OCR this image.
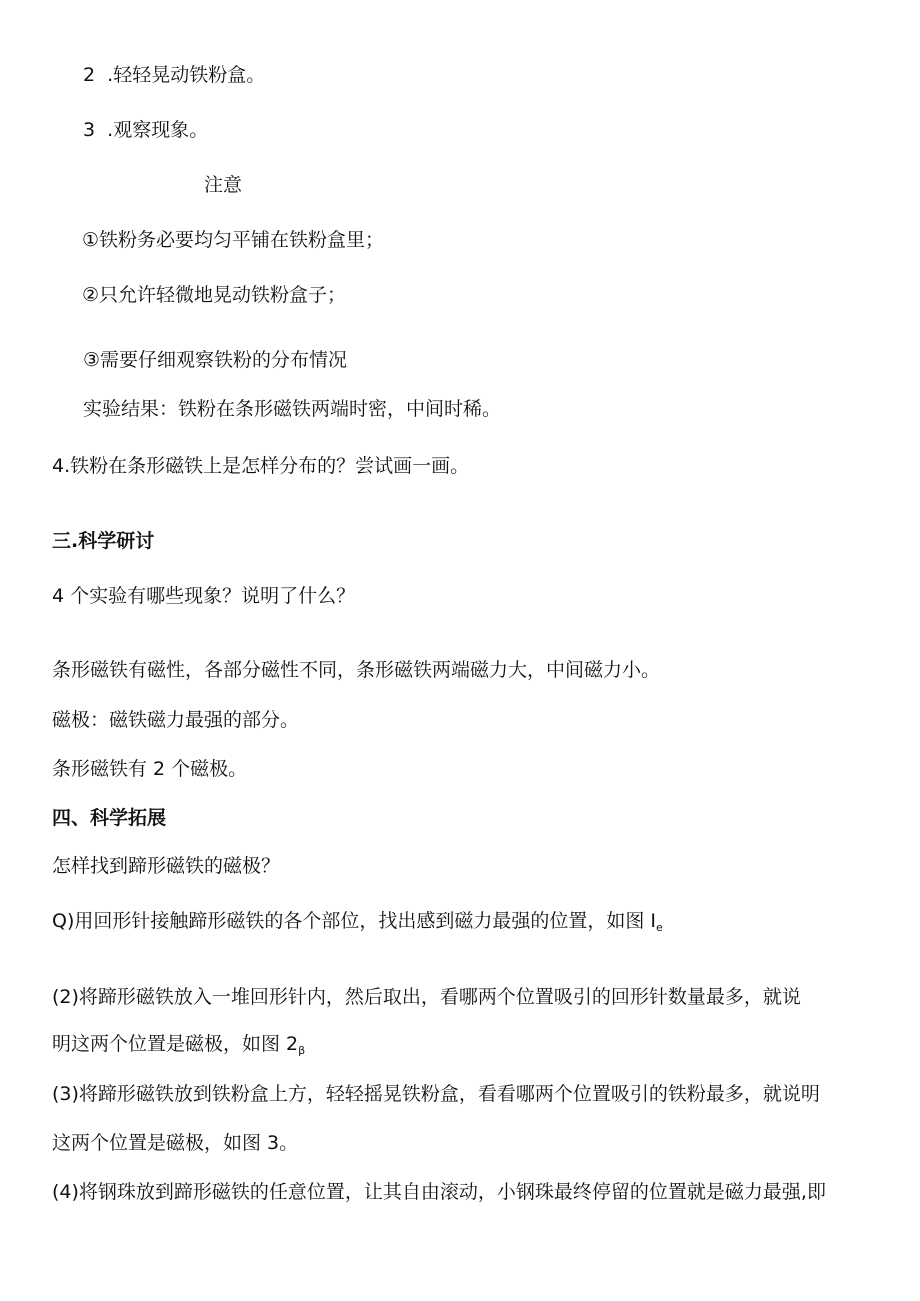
2  .轻轻晃动铁粉盒。
3  .观察现象。
注意
①铁粉务必要均匀平铺在铁粉盒里；
②只允许轻微地晃动铁粉盒子；
③需要仔细观察铁粉的分布情况
实验结果：铁粉在条形磁铁两端时密，中间时稀。
4.铁粉在条形磁铁上是怎样分布的？尝试画一画。
三.科学研讨
4 个实验有哪些现象？说明了什么？
条形磁铁有磁性，各部分磁性不同，条形磁铁两端磁力大，中间磁力小。
磁极：磁铁磁力最强的部分。
条形磁铁有 2 个磁极。
四、科学拓展
怎样找到蹄形磁铁的磁极？
Q)用回形针接触蹄形磁铁的各个部位，找出感到磁力最强的位置，如图 $I_e$
(2)将蹄形磁铁放入一堆回形针内，然后取出，看哪两个位置吸引的回形针数量最多，就说
明这两个位置是磁极，如图 $2_\beta$
(3)将蹄形磁铁放到铁粉盒上方，轻轻摇晃铁粉盒，看看哪两个位置吸引的铁粉最多，就说明
这两个位置是磁极，如图 3。
(4)将钢珠放到蹄形磁铁的任意位置，让其自由滚动，小钢珠最终停留的位置就是磁力最强,即
